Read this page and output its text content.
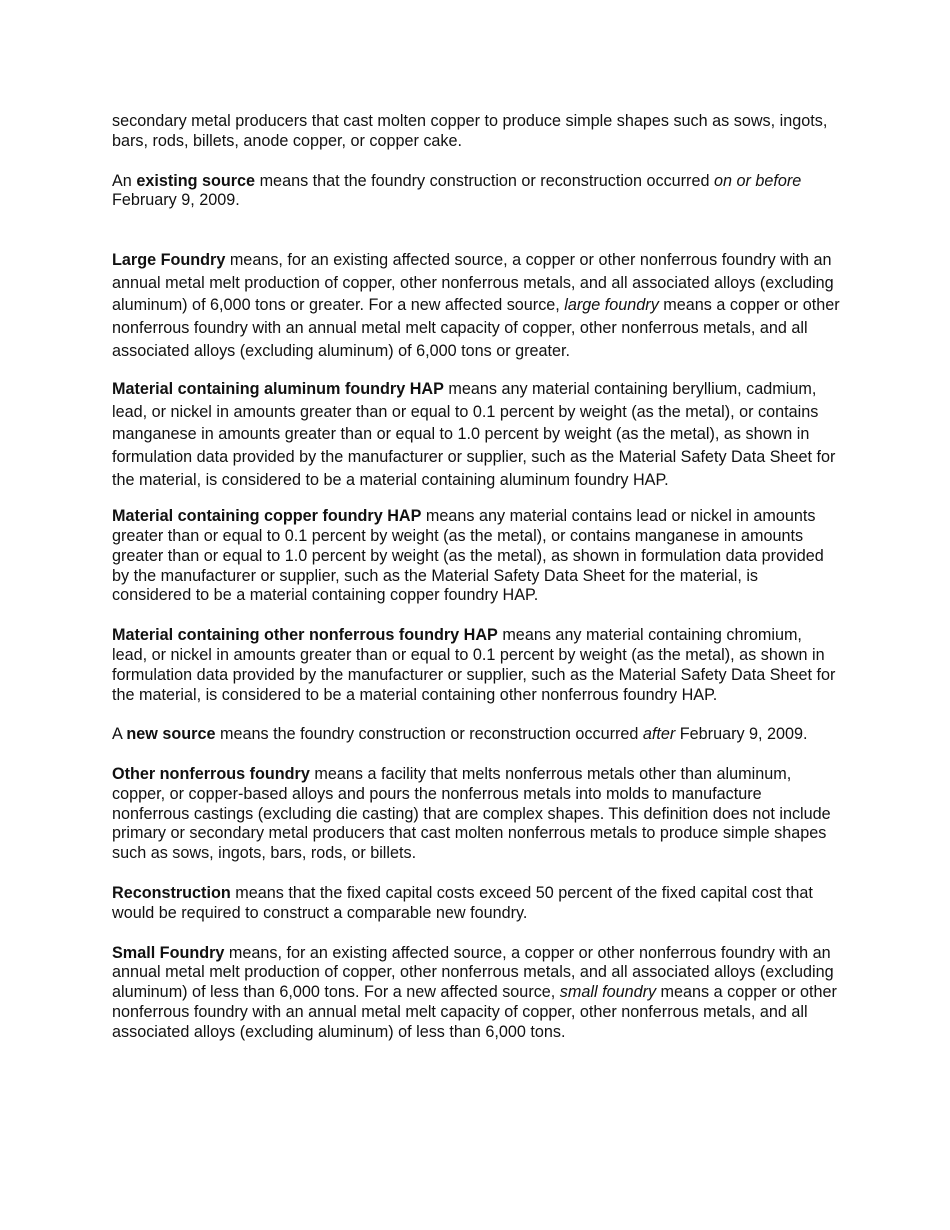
secondary metal producers that cast molten copper to produce simple shapes such as sows, ingots, bars, rods, billets, anode copper, or copper cake.

An existing source means that the foundry construction or reconstruction occurred on or before February 9, 2009.

Large Foundry means, for an existing affected source, a copper or other nonferrous foundry with an annual metal melt production of copper, other nonferrous metals, and all associated alloys (excluding aluminum) of 6,000 tons or greater. For a new affected source, large foundry means a copper or other nonferrous foundry with an annual metal melt capacity of copper, other nonferrous metals, and all associated alloys (excluding aluminum) of 6,000 tons or greater.

Material containing aluminum foundry HAP means any material containing beryllium, cadmium, lead, or nickel in amounts greater than or equal to 0.1 percent by weight (as the metal), or contains manganese in amounts greater than or equal to 1.0 percent by weight (as the metal), as shown in formulation data provided by the manufacturer or supplier, such as the Material Safety Data Sheet for the material, is considered to be a material containing aluminum foundry HAP.

Material containing copper foundry HAP means any material contains lead or nickel in amounts greater than or equal to 0.1 percent by weight (as the metal), or contains manganese in amounts greater than or equal to 1.0 percent by weight (as the metal), as shown in formulation data provided by the manufacturer or supplier, such as the Material Safety Data Sheet for the material, is considered to be a material containing copper foundry HAP.

Material containing other nonferrous foundry HAP means any material containing chromium, lead, or nickel in amounts greater than or equal to 0.1 percent by weight (as the metal), as shown in formulation data provided by the manufacturer or supplier, such as the Material Safety Data Sheet for the material, is considered to be a material containing other nonferrous foundry HAP.

A new source means the foundry construction or reconstruction occurred after February 9, 2009.

Other nonferrous foundry means a facility that melts nonferrous metals other than aluminum, copper, or copper-based alloys and pours the nonferrous metals into molds to manufacture nonferrous castings (excluding die casting) that are complex shapes. This definition does not include primary or secondary metal producers that cast molten nonferrous metals to produce simple shapes such as sows, ingots, bars, rods, or billets.

Reconstruction means that the fixed capital costs exceed 50 percent of the fixed capital cost that would be required to construct a comparable new foundry.

Small Foundry means, for an existing affected source, a copper or other nonferrous foundry with an annual metal melt production of copper, other nonferrous metals, and all associated alloys (excluding aluminum) of less than 6,000 tons. For a new affected source, small foundry means a copper or other nonferrous foundry with an annual metal melt capacity of copper, other nonferrous metals, and all associated alloys (excluding aluminum) of less than 6,000 tons.
